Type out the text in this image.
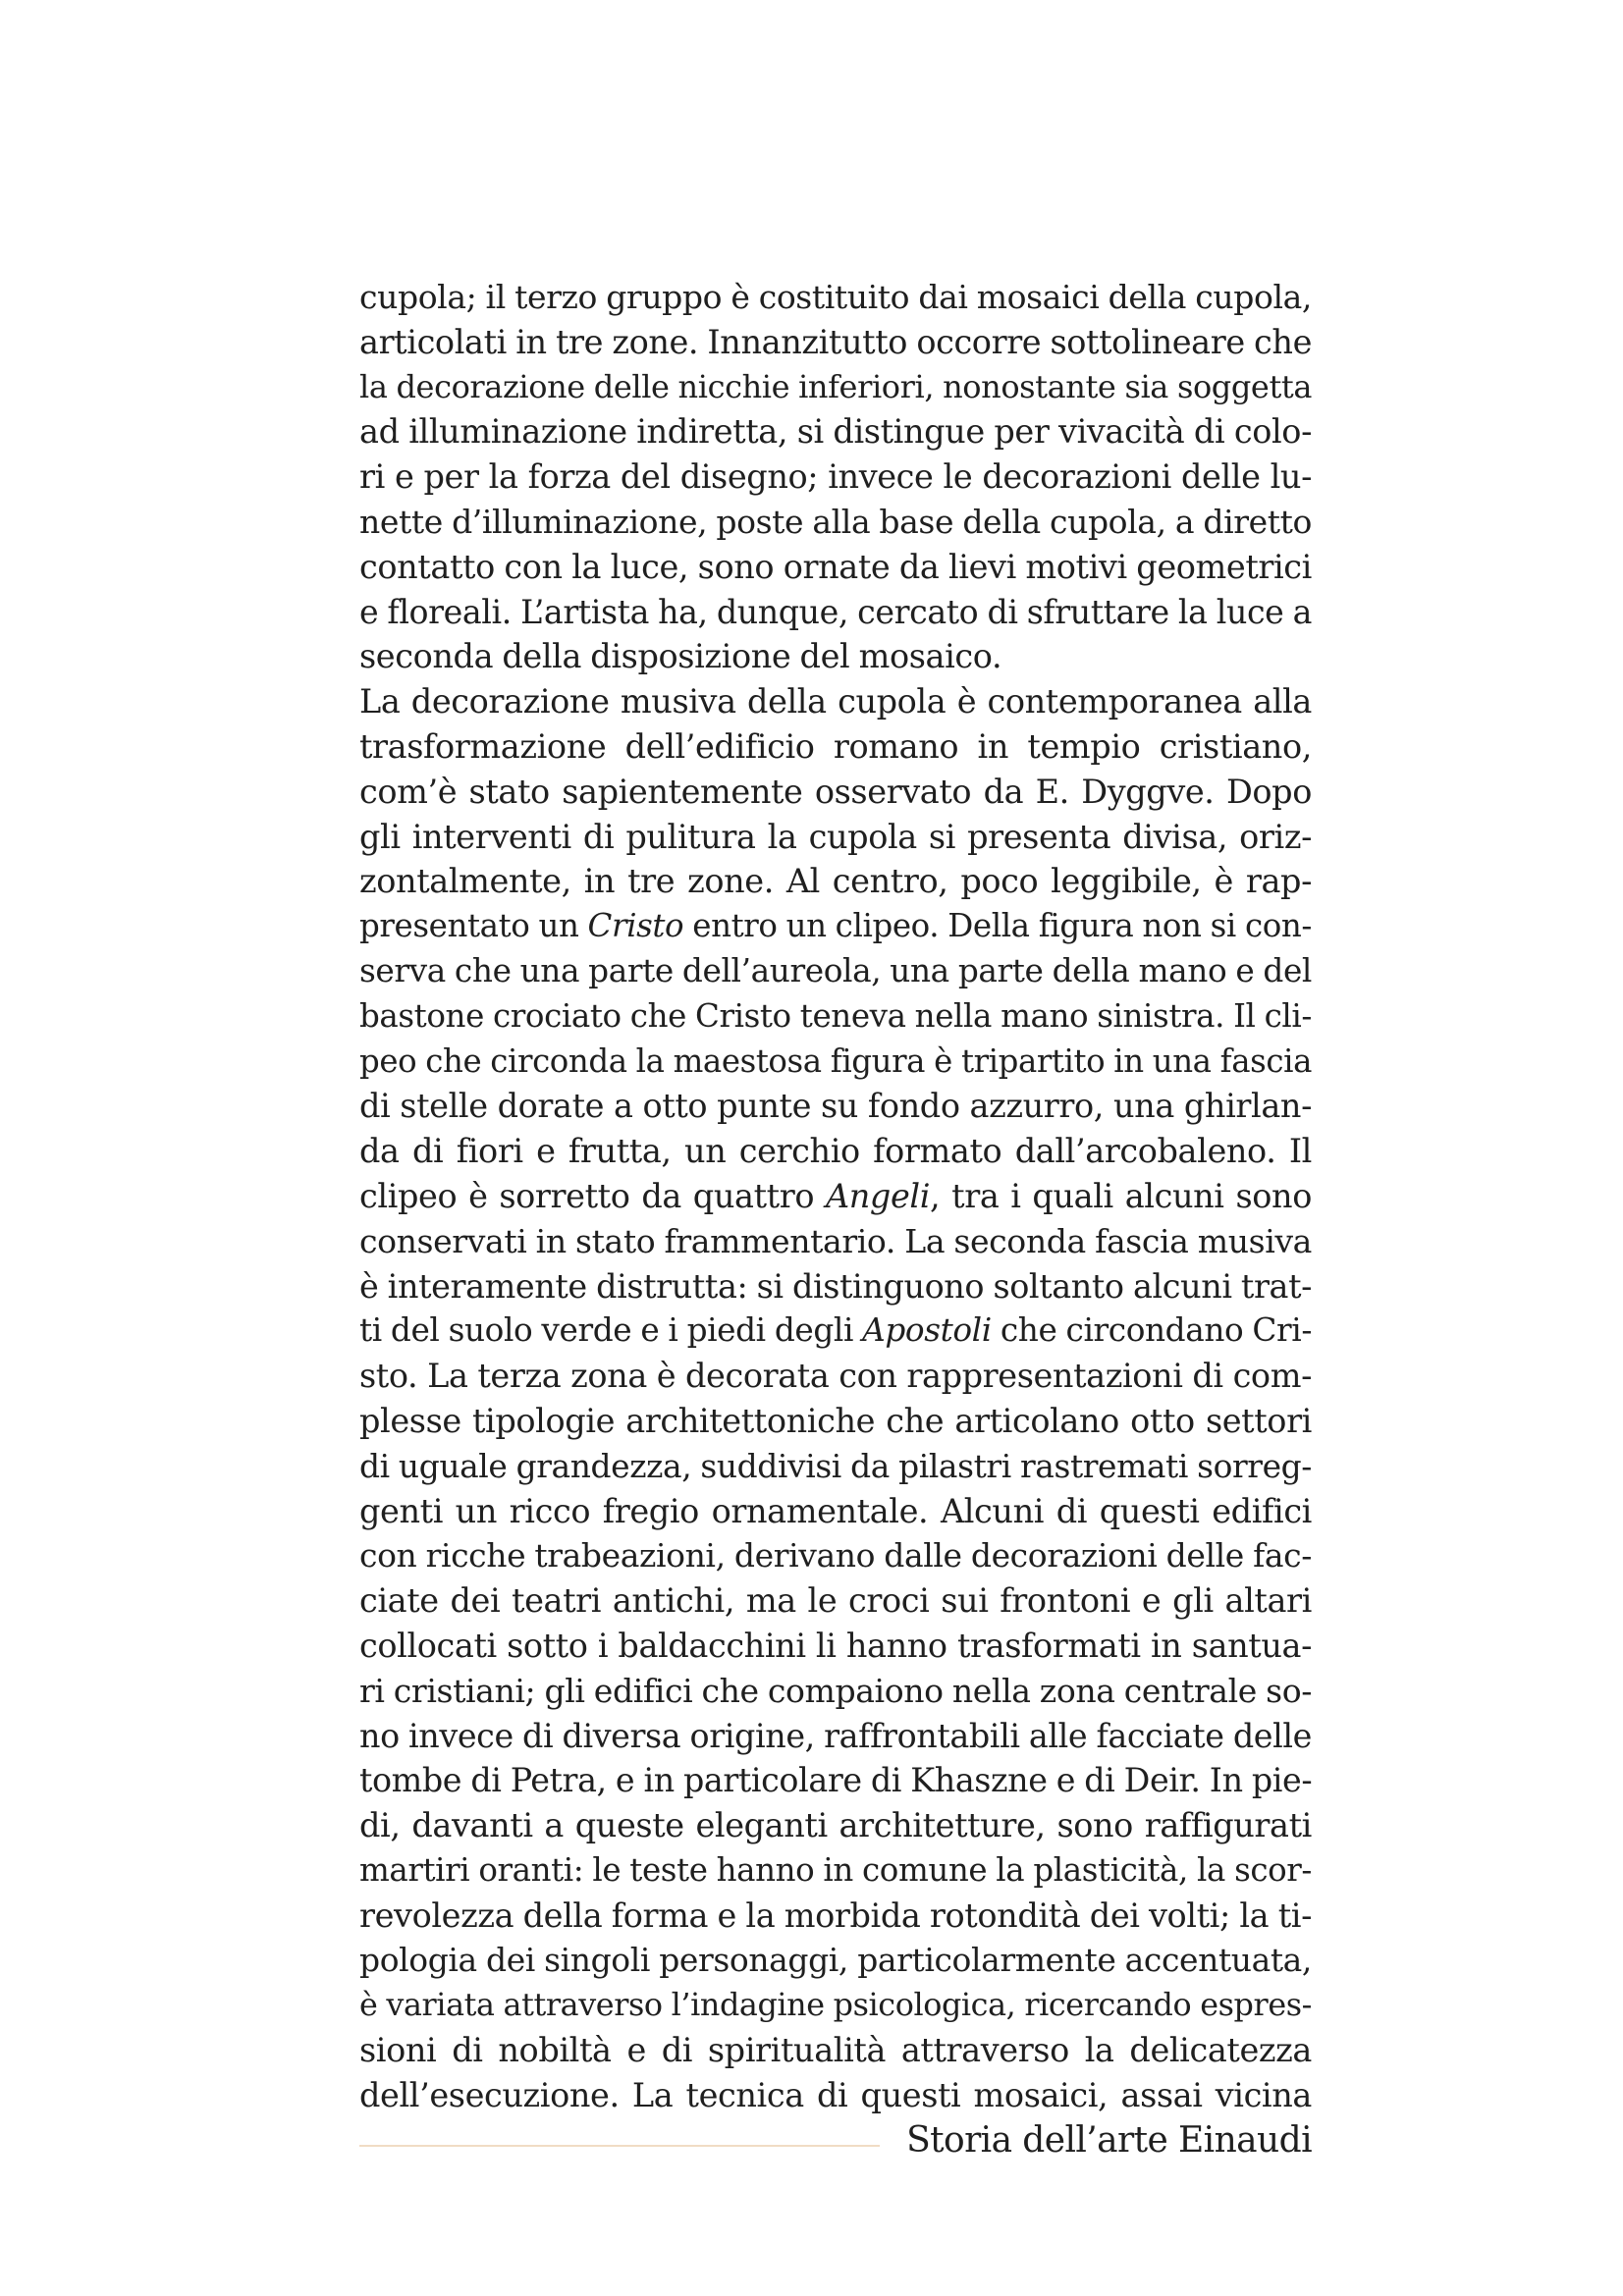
cupola; il terzo gruppo è costituito dai mosaici della cupola,
articolati in tre zone. Innanzitutto occorre sottolineare che
la decorazione delle nicchie inferiori, nonostante sia soggetta
ad illuminazione indiretta, si distingue per vivacità di colo-
ri e per la forza del disegno; invece le decorazioni delle lu-
nette d’illuminazione, poste alla base della cupola, a diretto
contatto con la luce, sono ornate da lievi motivi geometrici
e floreali. L’artista ha, dunque, cercato di sfruttare la luce a
seconda della disposizione del mosaico.
La decorazione musiva della cupola è contemporanea alla
trasformazione dell’edificio romano in tempio cristiano,
com’è stato sapientemente osservato da E. Dyggve. Dopo
gli interventi di pulitura la cupola si presenta divisa, oriz-
zontalmente, in tre zone. Al centro, poco leggibile, è rap-
presentato un Cristo entro un clipeo. Della figura non si con-
serva che una parte dell’aureola, una parte della mano e del
bastone crociato che Cristo teneva nella mano sinistra. Il cli-
peo che circonda la maestosa figura è tripartito in una fascia
di stelle dorate a otto punte su fondo azzurro, una ghirlan-
da di fiori e frutta, un cerchio formato dall’arcobaleno. Il
clipeo è sorretto da quattro Angeli, tra i quali alcuni sono
conservati in stato frammentario. La seconda fascia musiva
è interamente distrutta: si distinguono soltanto alcuni trat-
ti del suolo verde e i piedi degli Apostoli che circondano Cri-
sto. La terza zona è decorata con rappresentazioni di com-
plesse tipologie architettoniche che articolano otto settori
di uguale grandezza, suddivisi da pilastri rastremati sorreg-
genti un ricco fregio ornamentale. Alcuni di questi edifici
con ricche trabeazioni, derivano dalle decorazioni delle fac-
ciate dei teatri antichi, ma le croci sui frontoni e gli altari
collocati sotto i baldacchini li hanno trasformati in santua-
ri cristiani; gli edifici che compaiono nella zona centrale so-
no invece di diversa origine, raffrontabili alle facciate delle
tombe di Petra, e in particolare di Khaszne e di Deir. In pie-
di, davanti a queste eleganti architetture, sono raffigurati
martiri oranti: le teste hanno in comune la plasticità, la scor-
revolezza della forma e la morbida rotondità dei volti; la ti-
pologia dei singoli personaggi, particolarmente accentuata,
è variata attraverso l’indagine psicologica, ricercando espres-
sioni di nobiltà e di spiritualità attraverso la delicatezza
dell’esecuzione. La tecnica di questi mosaici, assai vicina
Storia dell’arte Einaudi
